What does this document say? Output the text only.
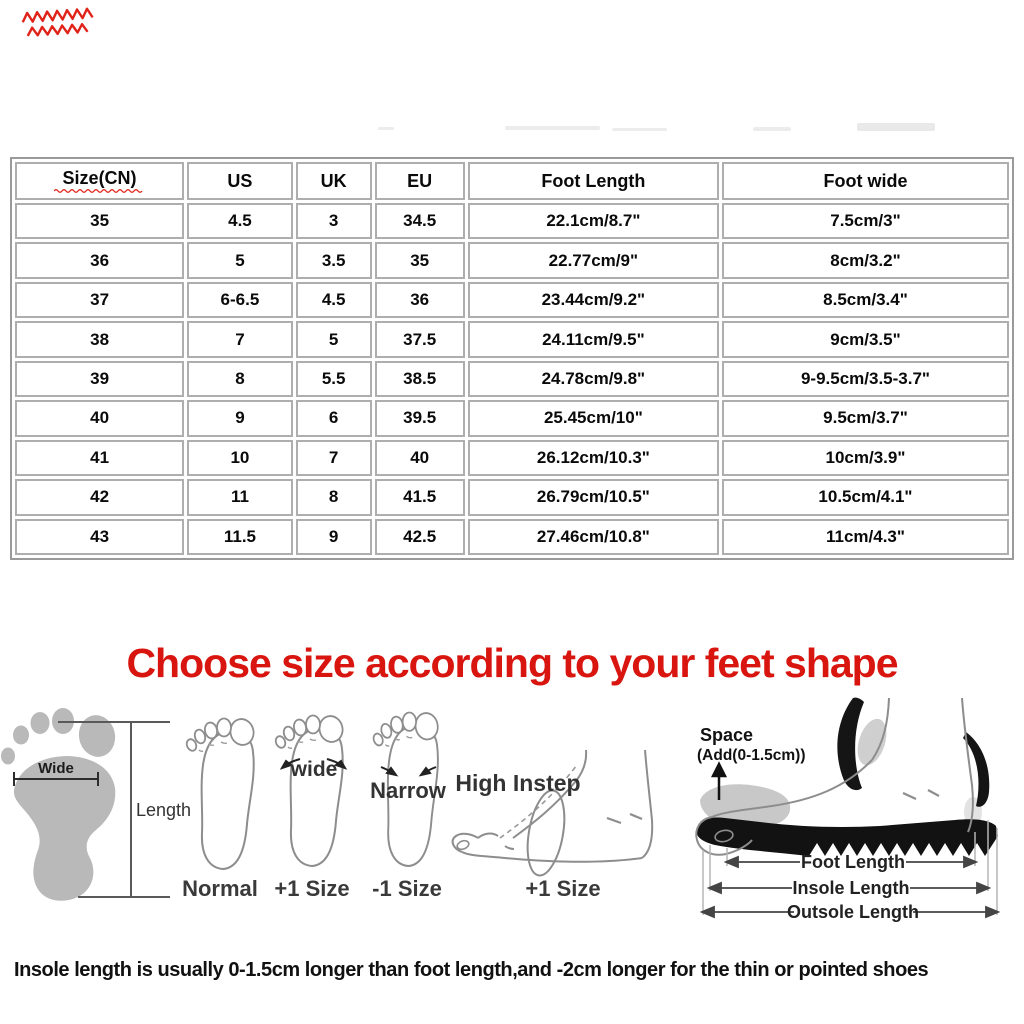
Size(CN)	US	UK	EU	Foot Length	Foot wide
35	4.5	3	34.5	22.1cm/8.7"	7.5cm/3"
36	5	3.5	35	22.77cm/9"	8cm/3.2"
37	6-6.5	4.5	36	23.44cm/9.2"	8.5cm/3.4"
38	7	5	37.5	24.11cm/9.5"	9cm/3.5"
39	8	5.5	38.5	24.78cm/9.8"	9-9.5cm/3.5-3.7"
40	9	6	39.5	25.45cm/10"	9.5cm/3.7"
41	10	7	40	26.12cm/10.3"	10cm/3.9"
42	11	8	41.5	26.79cm/10.5"	10.5cm/4.1"
43	11.5	9	42.5	27.46cm/10.8"	11cm/4.3"
Choose size according to your feet shape
Wide
Length
Normal
wide
+1 Size
Narrow
-1 Size
High Instep
+1 Size
Space
(Add(0-1.5cm))
Foot Length
Insole Length
Outsole Length
Insole length is usually 0-1.5cm longer than foot length,and -2cm longer for the thin or pointed shoes
